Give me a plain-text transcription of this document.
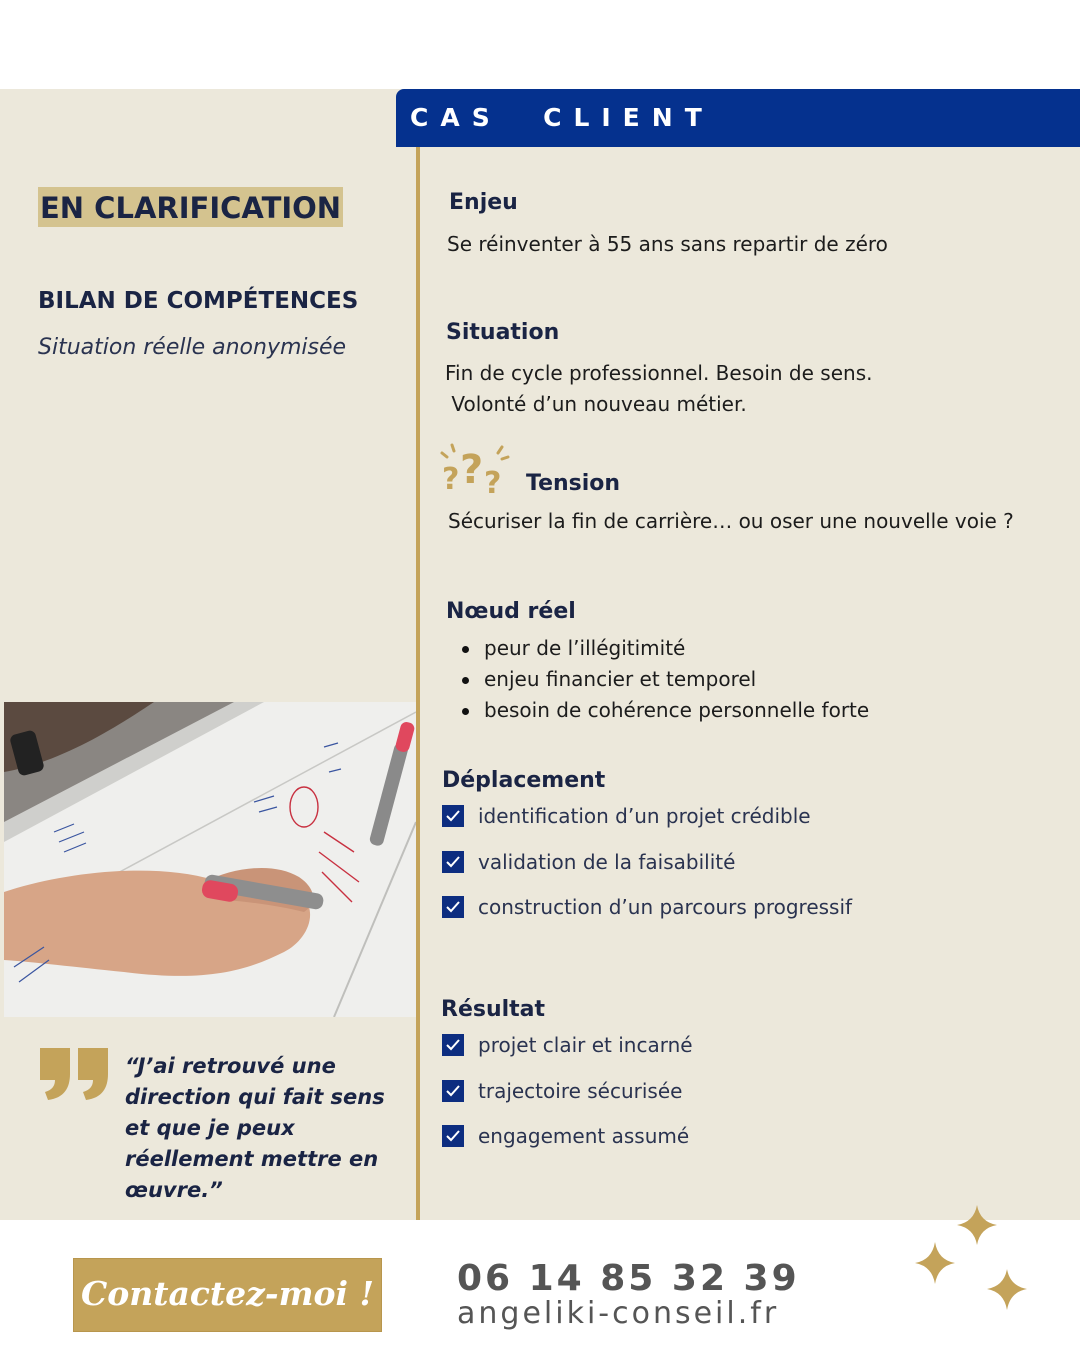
CAS  CLIENT
EN CLARIFICATION
BILAN DE COMPÉTENCES
Situation réelle anonymisée

“J’ai retrouvé une direction qui fait sens et que je peux réellement mettre en œuvre.”

Enjeu

Se réinventer à 55 ans sans repartir de zéro

Situation

Fin de cycle professionnel. Besoin de sens.

Volonté d’un nouveau métier.

? ? ? Tension

Sécuriser la fin de carrière… ou oser une nouvelle voie ?

Nœud réel
peur de l’illégitimité
enjeu financier et temporel
besoin de cohérence personnelle forte
Déplacement
identification d’un projet crédible
validation de la faisabilité
construction d’un parcours progressif
Résultat
projet clair et incarné
trajectoire sécurisée
engagement assumé
Contactez-moi ! 06 14 85 32 39
angeliki-conseil.fr
